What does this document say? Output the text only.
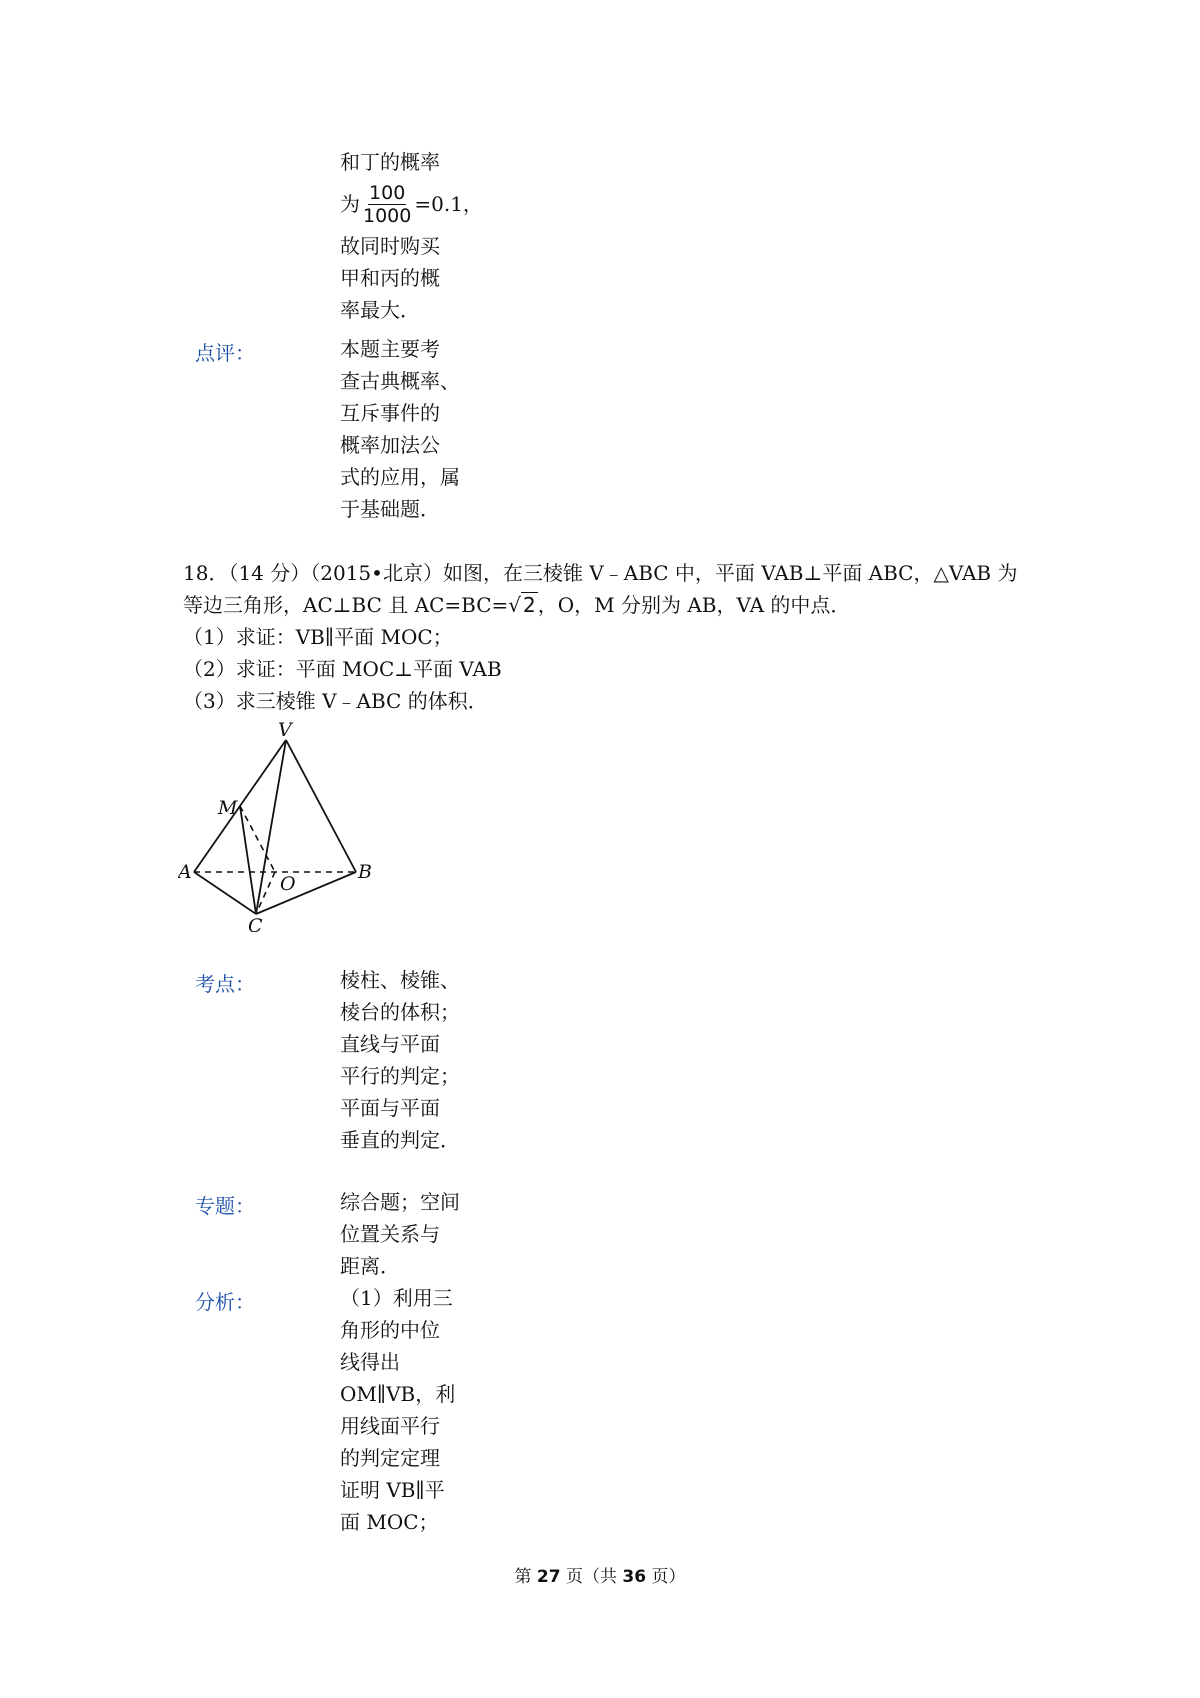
和丁的概率
为 $\frac{100}{1000} =0.1$，
故同时购买
甲和丙的概
率最大．
点评：	本题主要考
查古典概率、
互斥事件的
概率加法公
式的应用，属
于基础题．
18．（14 分）（2015•北京）如图，在三棱锥 V﹣ABC 中，平面 VAB⊥平面 ABC，△VAB 为
等边三角形，AC⊥BC 且 AC=BC=√ 2 ，O，M 分别为 AB，VA 的中点．
（1）求证：VB∥平面 MOC；
（2）求证：平面 MOC⊥平面 VAB
（3）求三棱锥 V﹣ABC 的体积．
V
M
A
O
B
C
考点：	棱柱、棱锥、
棱台的体积；
直线与平面
平行的判定；
平面与平面
垂直的判定．
专题：	综合题；空间
位置关系与
距离．
分析：	（1）利用三
角形的中位
线得出
OM∥VB，利
用线面平行
的判定定理
证明 VB∥平
面 MOC；
第 27 页（共 36 页）
